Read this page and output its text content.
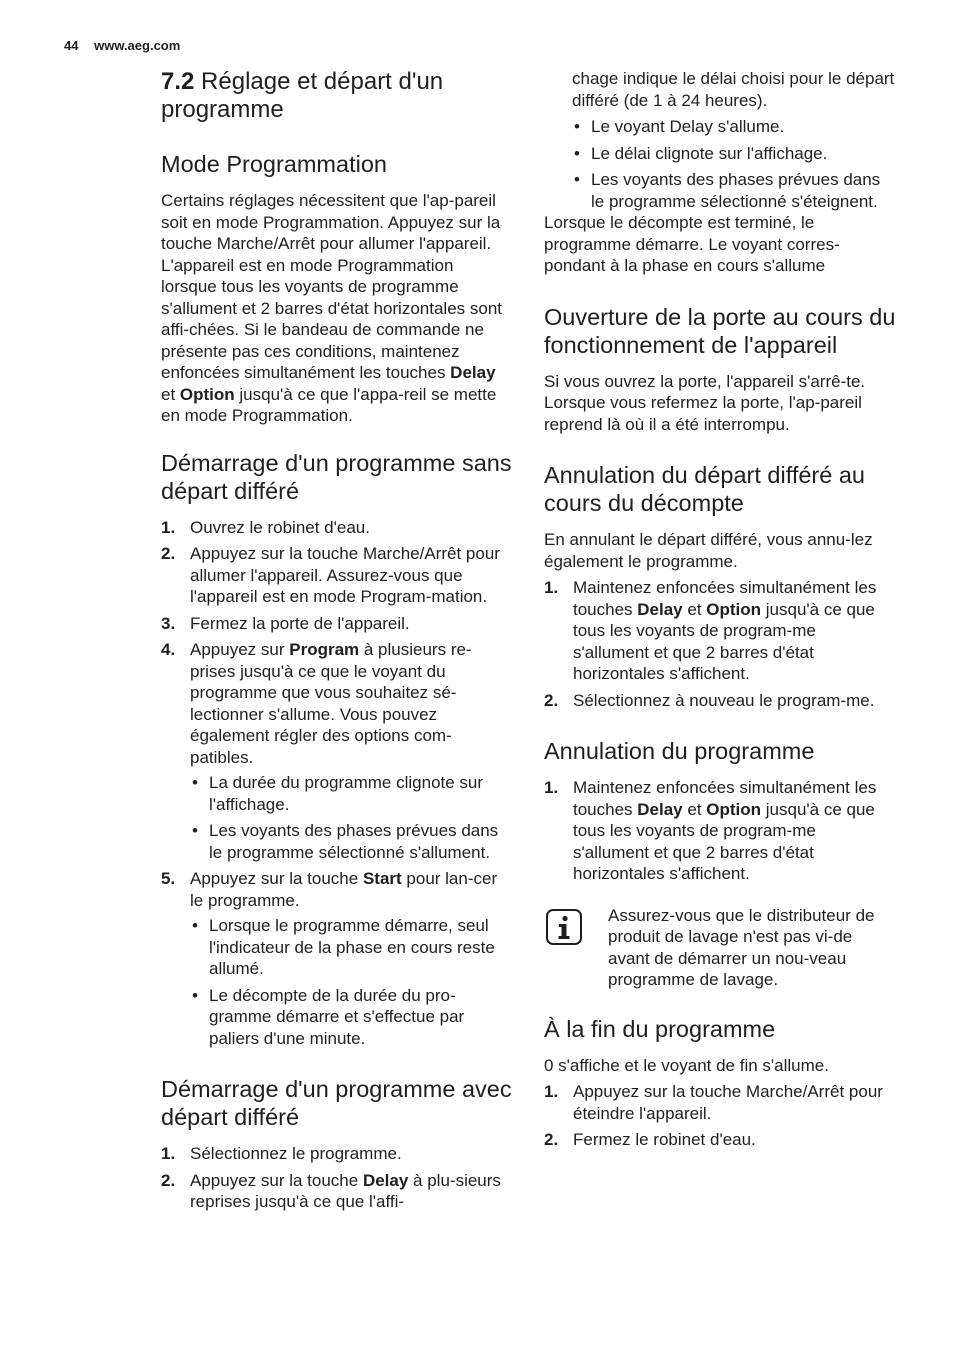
44 www.aeg.com
7.2 Réglage et départ d'un programme
Mode Programmation

Certains réglages nécessitent que l'ap-pareil soit en mode Programmation. Appuyez sur la touche Marche/Arrêt pour allumer l'appareil. L'appareil est en mode Programmation lorsque tous les voyants de programme s'allument et 2 barres d'état horizontales sont affi-chées. Si le bandeau de commande ne présente pas ces conditions, maintenez enfoncées simultanément les touches Delay et Option jusqu'à ce que l'appa-reil se mette en mode Programmation.

Démarrage d'un programme sans départ différé
1. Ouvrez le robinet d'eau.
2. Appuyez sur la touche Marche/Arrêt pour allumer l'appareil. Assurez-vous que l'appareil est en mode Program-mation.
3. Fermez la porte de l'appareil.
4. Appuyez sur Program à plusieurs re-prises jusqu'à ce que le voyant du programme que vous souhaitez sé-lectionner s'allume. Vous pouvez également régler des options com-patibles.
• La durée du programme clignote sur l'affichage.
• Les voyants des phases prévues dans le programme sélectionné s'allument.
5. Appuyez sur la touche Start pour lan-cer le programme.
• Lorsque le programme démarre, seul l'indicateur de la phase en cours reste allumé.
• Le décompte de la durée du pro-gramme démarre et s'effectue par paliers d'une minute.
Démarrage d'un programme avec départ différé
1. Sélectionnez le programme.
2. Appuyez sur la touche Delay à plu-sieurs reprises jusqu'à ce que l'affi-

chage indique le délai choisi pour le départ différé (de 1 à 24 heures).

• Le voyant Delay s'allume.
• Le délai clignote sur l'affichage.
• Les voyants des phases prévues dans le programme sélectionné s'éteignent.

Lorsque le décompte est terminé, le programme démarre. Le voyant corres-pondant à la phase en cours s'allume

Ouverture de la porte au cours du fonctionnement de l'appareil

Si vous ouvrez la porte, l'appareil s'arrê-te. Lorsque vous refermez la porte, l'ap-pareil reprend là où il a été interrompu.

Annulation du départ différé au cours du décompte

En annulant le départ différé, vous annu-lez également le programme.

1. Maintenez enfoncées simultanément les touches Delay et Option jusqu'à ce que tous les voyants de program-me s'allument et que 2 barres d'état horizontales s'affichent.
2. Sélectionnez à nouveau le program-me.
Annulation du programme
1. Maintenez enfoncées simultanément les touches Delay et Option jusqu'à ce que tous les voyants de program-me s'allument et que 2 barres d'état horizontales s'affichent.
Assurez-vous que le distributeur de produit de lavage n'est pas vi-de avant de démarrer un nou-veau programme de lavage.
À la fin du programme

0 s'affiche et le voyant de fin s'allume.

1. Appuyez sur la touche Marche/Arrêt pour éteindre l'appareil.
2. Fermez le robinet d'eau.
